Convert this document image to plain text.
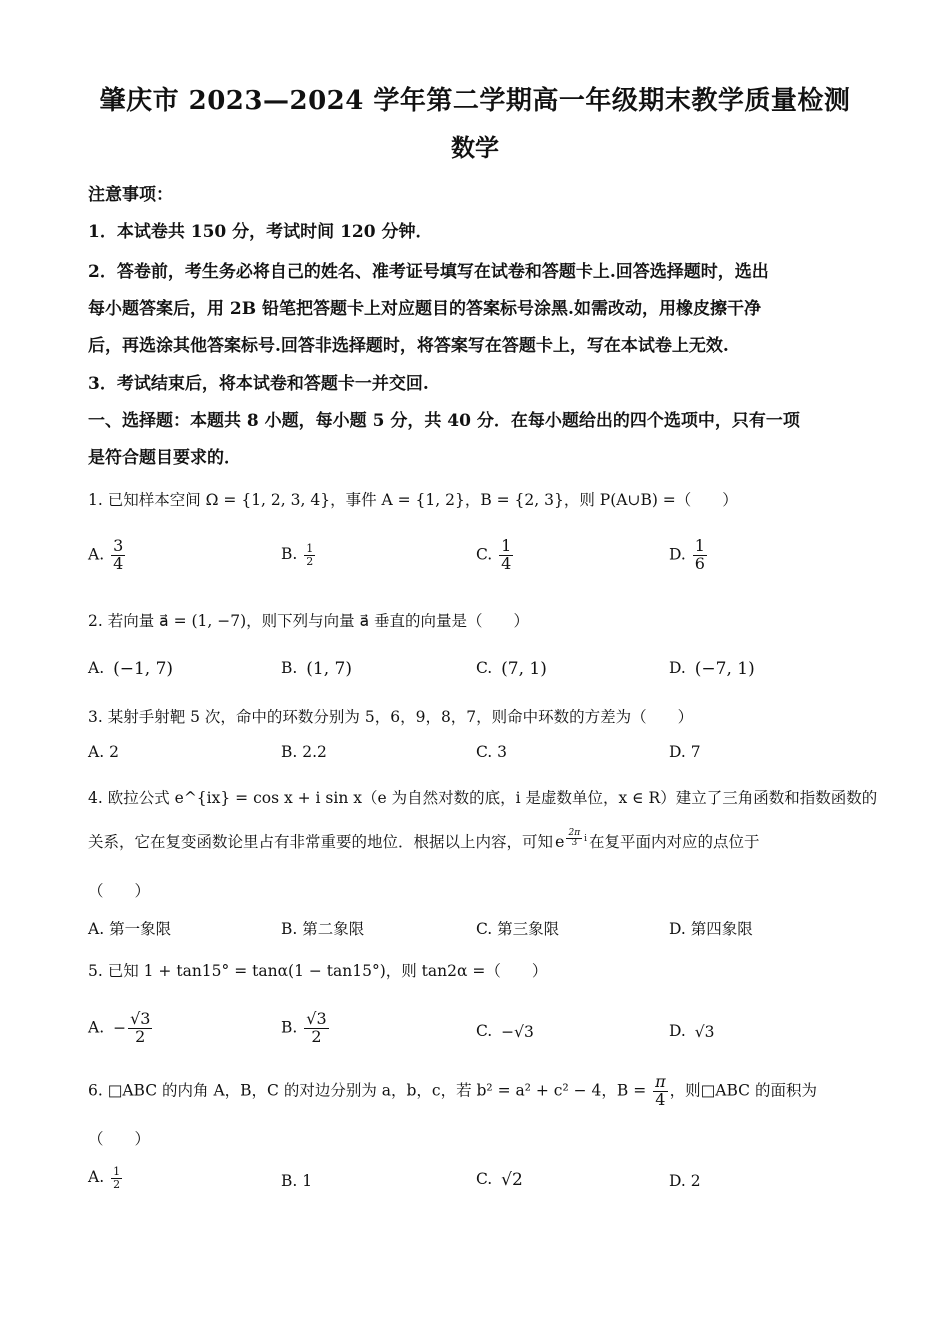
肇庆市 2023—2024 学年第二学期高一年级期末教学质量检测
数学
注意事项：
1．本试卷共 150 分，考试时间 120 分钟．
2．答卷前，考生务必将自己的姓名、准考证号填写在试卷和答题卡上.回答选择题时，选出
每小题答案后，用 2B 铅笔把答题卡上对应题目的答案标号涂黑.如需改动，用橡皮擦干净
后，再选涂其他答案标号.回答非选择题时，将答案写在答题卡上，写在本试卷上无效.
3．考试结束后，将本试卷和答题卡一并交回.
一、选择题：本题共 8 小题，每小题 5 分，共 40 分．在每小题给出的四个选项中，只有一项
是符合题目要求的．
1. 已知样本空间 Ω = {1, 2, 3, 4}，事件 A = {1, 2}，B = {2, 3}，则 P(A∪B) =（　　）
A. $\frac{3}{4}$	B. $\frac{1}{2}$	C. $\frac{1}{4}$	D. $\frac{1}{6}$
2. 若向量 a⃗ = (1, −7)，则下列与向量 a⃗ 垂直的向量是（　　）
A. (−1, 7)	B. (1, 7)	C. (7, 1)	D. (−7, 1)
3. 某射手射靶 5 次，命中的环数分别为 5，6，9，8，7，则命中环数的方差为（　　）
A. 2	B. 2.2	C. 3	D. 7
4. 欧拉公式 e^{ix} = cos x + i sin x（e 为自然对数的底，i 是虚数单位，x ∈ R）建立了三角函数和指数函数的
关系，它在复变函数论里占有非常重要的地位．根据以上内容，可知 e $\frac{2\pi}{3}$ i 在复平面内对应的点位于
（　　）
A. 第一象限	B. 第二象限	C. 第三象限	D. 第四象限
5. 已知 1 + tan15° = tanα(1 − tan15°)，则 tan2α =（　　）
A. − $\frac{√3}{2}$	B. $\frac{√3}{2}$	C. −√3	D. √3
6. □ABC 的内角 A，B，C 的对边分别为 a，b，c，若 b² = a² + c² − 4，$B = \frac{\pi}{4}$ ，则□ABC 的面积为
（　　）
A. $\frac{1}{2}$	B. 1	C. √2	D. 2
